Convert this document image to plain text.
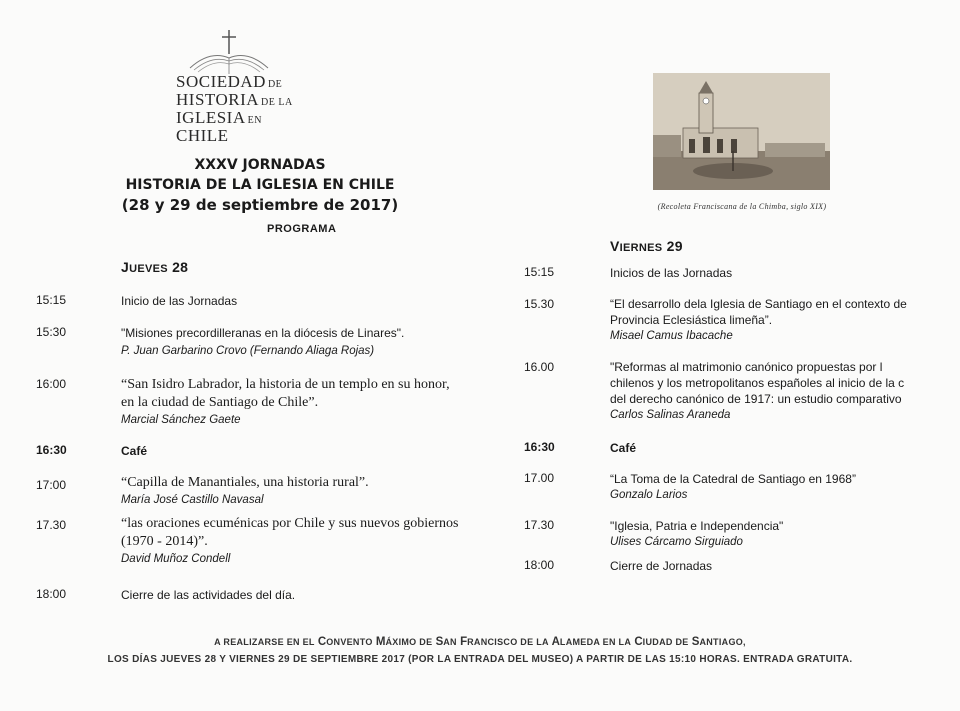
SOCIEDAD DE
HISTORIA DE LA
IGLESIA EN
CHILE
XXXV JORNADAS
HISTORIA DE LA IGLESIA EN CHILE
(28 y 29 de septiembre de 2017)
PROGRAMA
(Recoleta Franciscana de la Chimba, siglo XIX)
JUEVES 28
VIERNES 29
15:15	Inicio de las Jornadas
15:30	"Misiones precordilleranas en la diócesis de Linares".
P. Juan Garbarino Crovo (Fernando Aliaga Rojas)
16:00	“San Isidro Labrador, la historia de un templo en su honor,
en la ciudad de Santiago de Chile”.
Marcial Sánchez Gaete
16:30	Café
17:00	“Capilla de Manantiales, una historia rural”.
María José Castillo Navasal
17.30	“las oraciones ecuménicas por Chile y sus nuevos gobiernos
(1970 - 2014)”.
David Muñoz Condell
18:00	Cierre de las actividades del día.
15:15	Inicios de las Jornadas
15.30	“El desarrollo dela Iglesia de Santiago en el contexto de
Provincia Eclesiástica limeña”.
Misael Camus Ibacache
16.00	"Reformas al matrimonio canónico propuestas por l
chilenos y los metropolitanos españoles al inicio de la c
del derecho canónico de 1917: un estudio comparativo
Carlos Salinas Araneda
16:30	Café
17.00	“La Toma de la Catedral de Santiago en 1968”
Gonzalo Larios
17.30	"Iglesia, Patria e Independencia"
Ulises Cárcamo Sirguiado
18:00	Cierre de Jornadas
A REALIZARSE EN EL CONVENTO MÁXIMO DE SAN FRANCISCO DE LA ALAMEDA EN LA CIUDAD DE SANTIAGO,
LOS DÍAS JUEVES 28 Y VIERNES 29 DE SEPTIEMBRE 2017 (POR LA ENTRADA DEL MUSEO) A PARTIR DE LAS 15:10 HORAS. ENTRADA GRATUITA.
